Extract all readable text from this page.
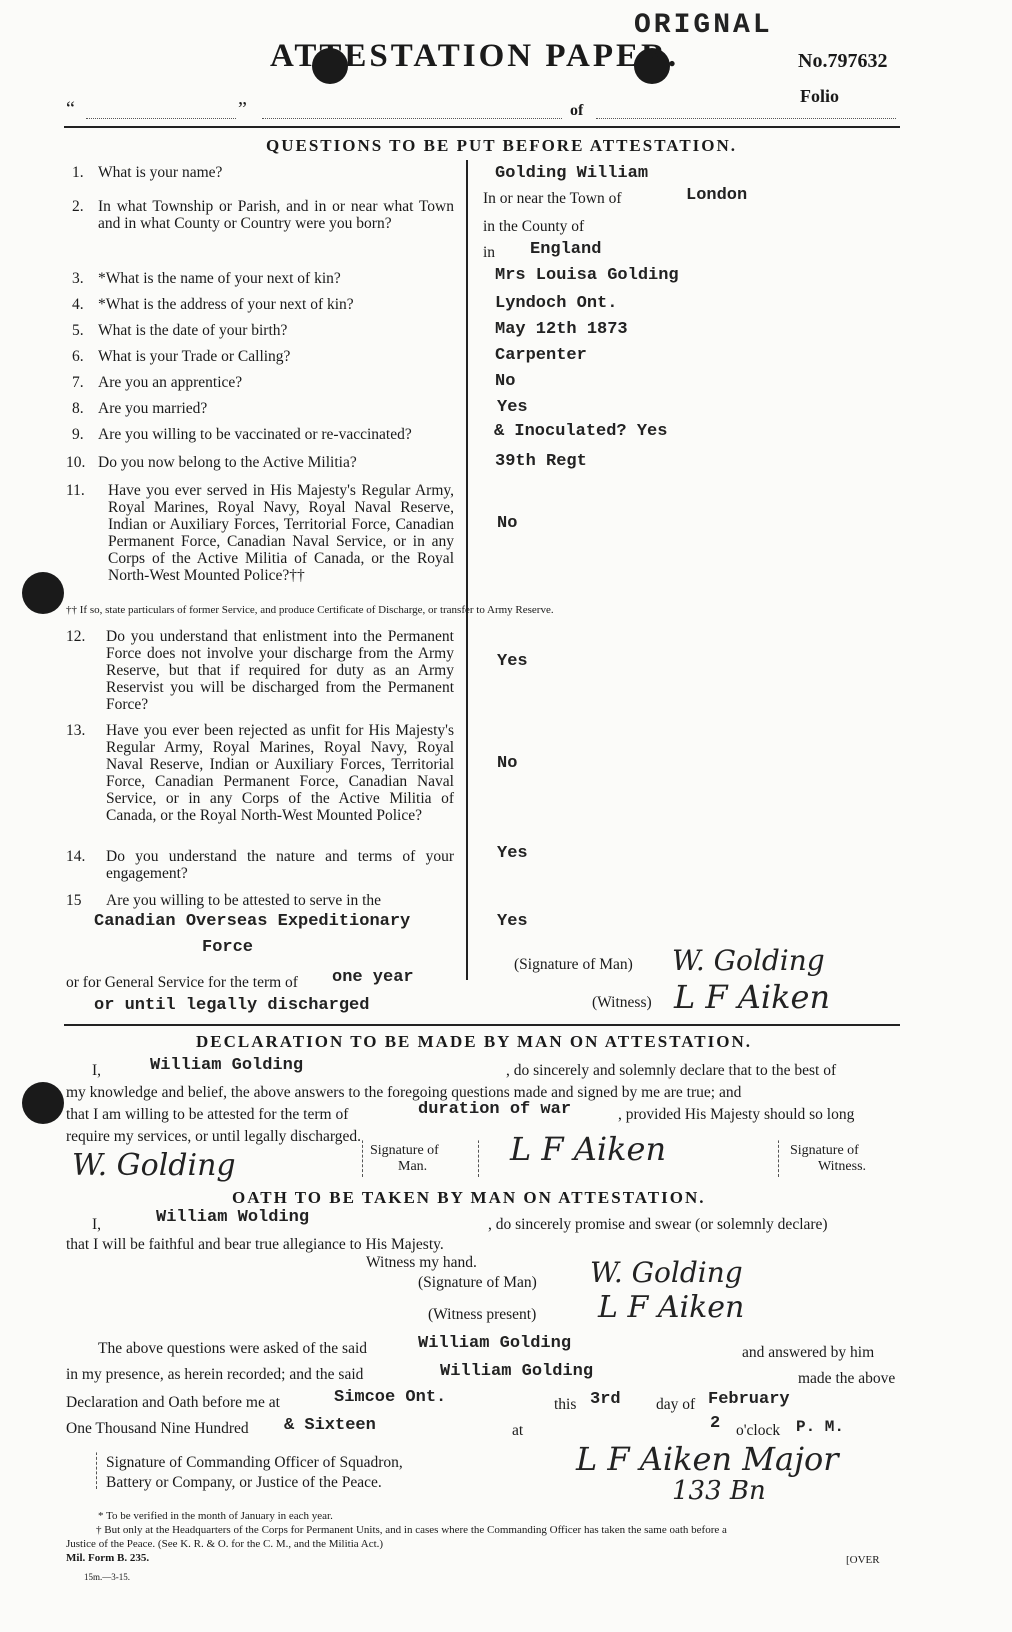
ORIGNAL
ATTESTATION PAPER.	No.797632
Folio
“	”	of
QUESTIONS TO BE PUT BEFORE ATTESTATION.
1. What is your name?	Golding William
2. In what Township or Parish, and in or near what Town and in what County or Country were you born?
In or near the Town of	London
in the County of
in England
3. *What is the name of your next of kin?	Mrs Louisa Golding
4. *What is the address of your next of kin?	Lyndoch Ont.
5. What is the date of your birth?	May 12th 1873
6. What is your Trade or Calling?	Carpenter
7. Are you an apprentice?	No
8. Are you married?	Yes
9. Are you willing to be vaccinated or re-vaccinated?	& Inoculated? Yes
10. Do you now belong to the Active Militia?	39th Regt
11. Have you ever served in His Majesty's Regular Army, Royal Marines, Royal Navy, Royal Naval Reserve, Indian or Auxiliary Forces, Territorial Force, Canadian Permanent Force, Canadian Naval Service, or in any Corps of the Active Militia of Canada, or the Royal North-West Mounted Police?††
No
†† If so, state particulars of former Service, and produce Certificate of Discharge, or transfer to Army Reserve.
12. Do you understand that enlistment into the Permanent Force does not involve your discharge from the Army Reserve, but that if required for duty as an Army Reservist you will be discharged from the Permanent Force?
Yes
13. Have you ever been rejected as unfit for His Majesty's Regular Army, Royal Marines, Royal Navy, Royal Naval Reserve, Indian or Auxiliary Forces, Territorial Force, Canadian Permanent Force, Canadian Naval Service, or in any Corps of the Active Militia of Canada, or the Royal North-West Mounted Police?
No
14. Do you understand the nature and terms of your engagement?
Yes
15 Are you willing to be attested to serve in the
Canadian Overseas Expeditionary
Force
Yes
or for General Service for the term of one year
or until legally discharged
(Signature of Man) W. Golding
(Witness) L F Aiken
DECLARATION TO BE MADE BY MAN ON ATTESTATION.
I,	William Golding	, do sincerely and solemnly declare that to the best of
my knowledge and belief, the above answers to the foregoing questions made and signed by me are true; and
that I am willing to be attested for the term of	duration of war	, provided His Majesty should so long
require my services, or until legally discharged.
W. Golding	Signature of
Man.	L F Aiken	Signature of
Witness.
OATH TO BE TAKEN BY MAN ON ATTESTATION.
I,	William Wolding	, do sincerely promise and swear (or solemnly declare)
that I will be faithful and bear true allegiance to His Majesty.
Witness my hand.
(Signature of Man) W. Golding
(Witness present) L F Aiken
The above questions were asked of the said	William Golding	and answered by him
in my presence, as herein recorded; and the said	William Golding	made the above
Declaration and Oath before me at	Simcoe Ont.	this 3rd day of February
One Thousand Nine Hundred & Sixteen	at	2 o'clock P. M.
Signature of Commanding Officer of Squadron,
Battery or Company, or Justice of the Peace.
L F Aiken Major
133 Bn
* To be verified in the month of January in each year.
† But only at the Headquarters of the Corps for Permanent Units, and in cases where the Commanding Officer has taken the same oath before a
Justice of the Peace. (See K. R. & O. for the C. M., and the Militia Act.)
Mil. Form B. 235.
15m.—3-15.
[OVER
